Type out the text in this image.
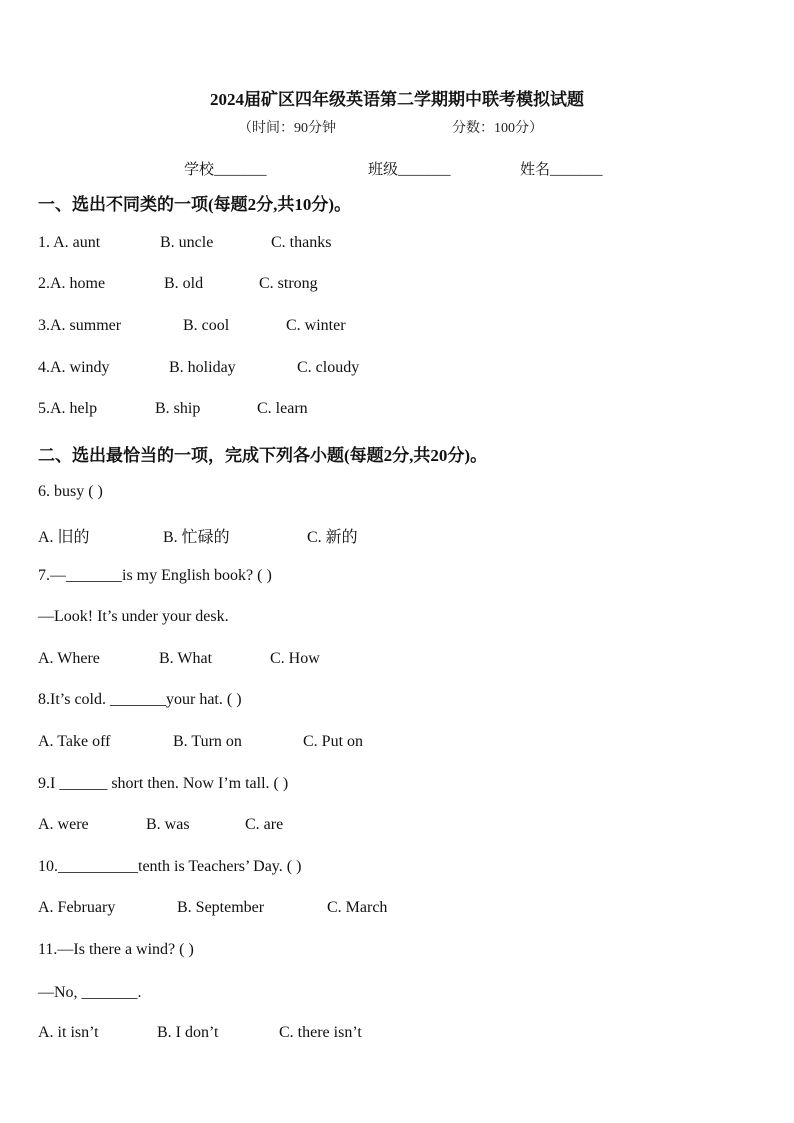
2024届矿区四年级英语第二学期期中联考模拟试题
（时间：90分钟	分数：100分）
学校_______	班级_______	姓名_______
一、选出不同类的一项(每题2分,共10分)。
1. A. aunt	B. uncle	C. thanks
2.A. home	B. old	C. strong
3.A. summer	B. cool	C. winter
4.A. windy	B. holiday	C. cloudy
5.A. help	B. ship	C. learn
二、选出最恰当的一项，完成下列各小题(每题2分,共20分)。
6. busy ( )
A. 旧的	B. 忙碌的	C. 新的
7.—_______is my English book? ( )
—Look! It’s under your desk.
A. Where	B. What	C. How
8.It’s cold. _______your hat. ( )
A. Take off	B. Turn on	C. Put on
9.I ______ short then. Now I’m tall. ( )
A. were	B. was	C. are
10.__________tenth is Teachers’ Day. ( )
A. February	B. September	C. March
11.—Is there a wind? ( )
—No, _______.
A. it isn’t	B. I don’t	C. there isn’t
